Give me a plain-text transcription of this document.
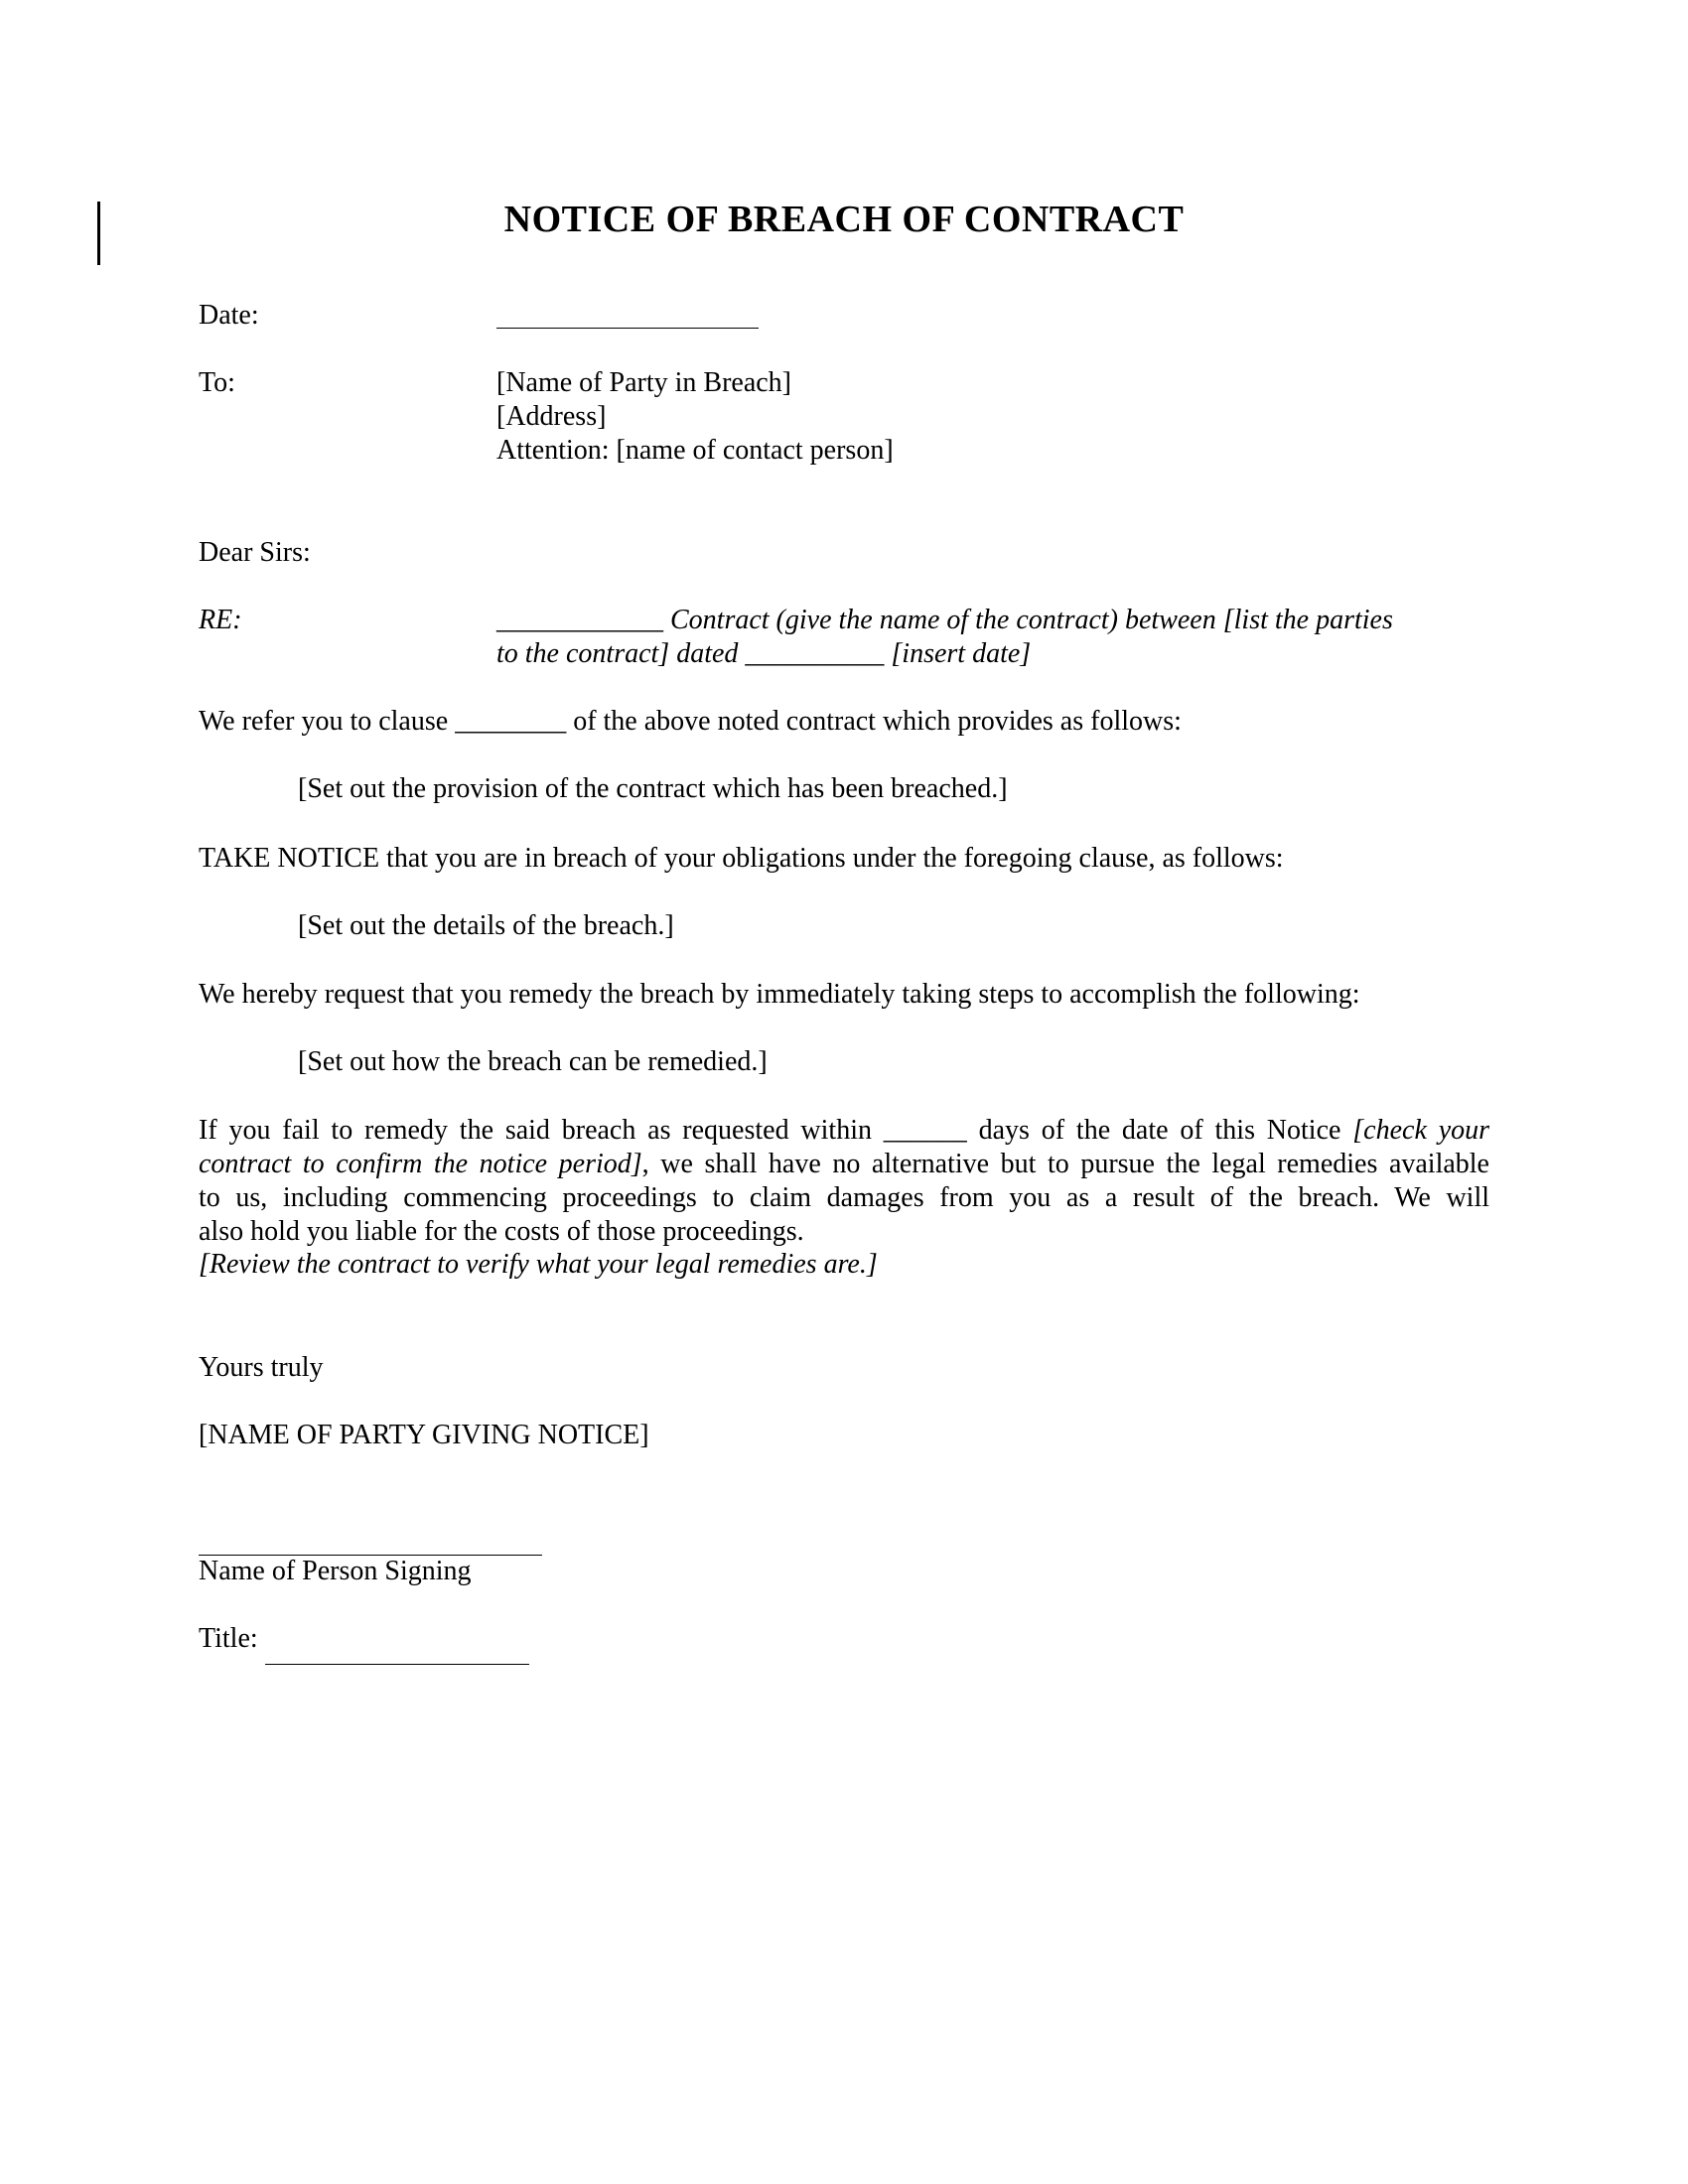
NOTICE OF BREACH OF CONTRACT
Date:
To:	[Name of Party in Breach]
[Address]
Attention: [name of contact person]
Dear Sirs:
RE:	____________ Contract (give the name of the contract) between [list the parties
to the contract] dated __________ [insert date]
We refer you to clause ________ of the above noted contract which provides as follows:
[Set out the provision of the contract which has been breached.]
TAKE NOTICE that you are in breach of your obligations under the foregoing clause, as follows:
[Set out the details of the breach.]
We hereby request that you remedy the breach by immediately taking steps to accomplish the following:
[Set out how the breach can be remedied.]
If you fail to remedy the said breach as requested within ______ days of the date of this Notice [check your
contract to confirm the notice period], we shall have no alternative but to pursue the legal remedies available
to us, including commencing proceedings to claim damages from you as a result of the breach. We will
also hold you liable for the costs of those proceedings.
[Review the contract to verify what your legal remedies are.]
Yours truly
[NAME OF PARTY GIVING NOTICE]
Name of Person Signing
Title:
